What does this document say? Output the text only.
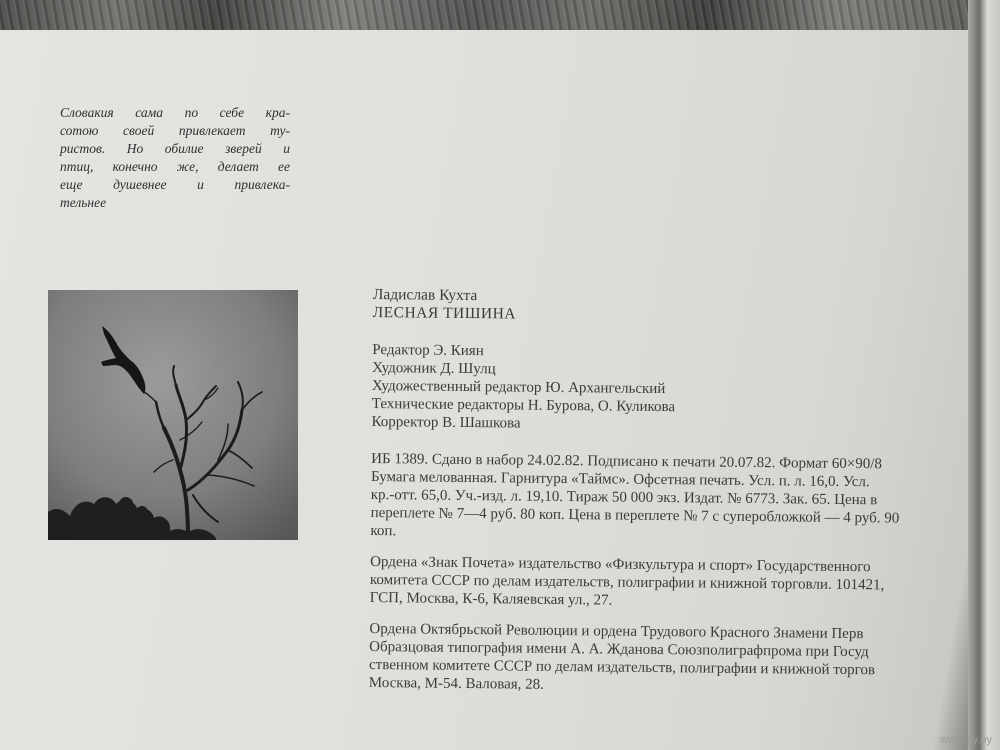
Словакия сама по себе кра-
сотою своей привлекает ту-
ристов. Но обилие зверей и
птиц, конечно же, делает ее
еще душевнее и привлека-
тельнее
Ладислав Кухта
ЛЕСНАЯ ТИШИНА
Редактор Э. Киян
Художник Д. Шулц
Художественный редактор Ю. Архангельский
Технические редакторы Н. Бурова, О. Куликова
Корректор В. Шашкова
ИБ 1389. Сдано в набор 24.02.82. Подписано к печати 20.07.82. Формат 60×90/8
Бумага мелованная. Гарнитура «Таймс». Офсетная печать. Усл. п. л. 16,0. Усл.
кр.-отт. 65,0. Уч.-изд. л. 19,10. Тираж 50 000 экз. Издат. № 6773. Зак. 65. Цена в
переплете № 7—4 руб. 80 коп. Цена в переплете № 7 с суперобложкой — 4 руб. 90
коп.
Ордена «Знак Почета» издательство «Физкультура и спорт» Государственного
комитета СССР по делам издательств, полиграфии и книжной торговли. 101421,
ГСП, Москва, К-6, Каляевская ул., 27.
Ордена Октябрьской Революции и ордена Трудового Красного Знамени Перв
Образцовая типография имени А. А. Жданова Союзполиграфпрома при Госуд
ственном комитете СССР по делам издательств, полиграфии и книжной торгов
Москва, М-54. Валовая, 28.
www.ay.by
